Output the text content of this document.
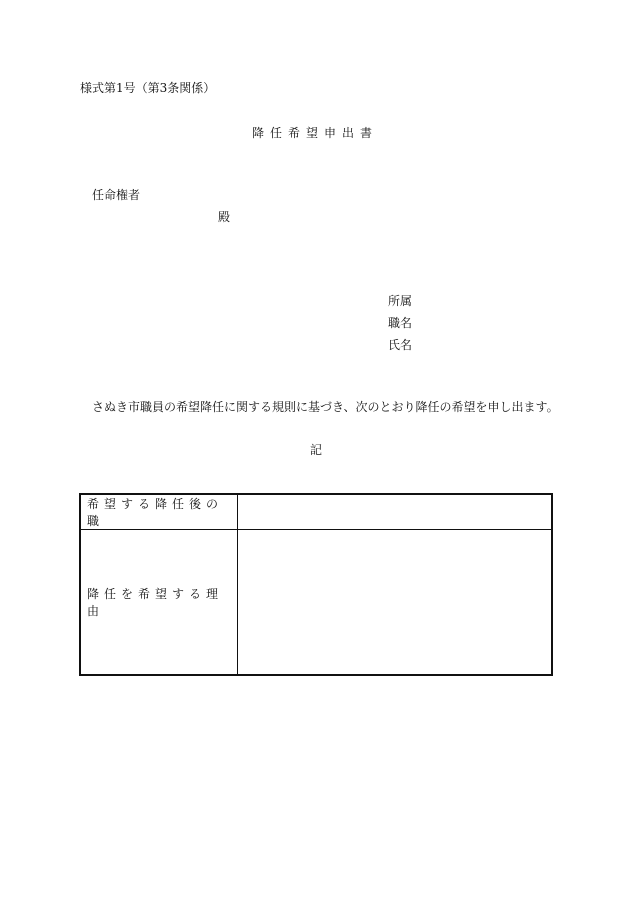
様式第1号（第3条関係）
降任希望申出書
任命権者
殿
所属
職名
氏名
さぬき市職員の希望降任に関する規則に基づき、次のとおり降任の希望を申し出ます。
記
希望する降任後の職	
降任を希望する理由	
